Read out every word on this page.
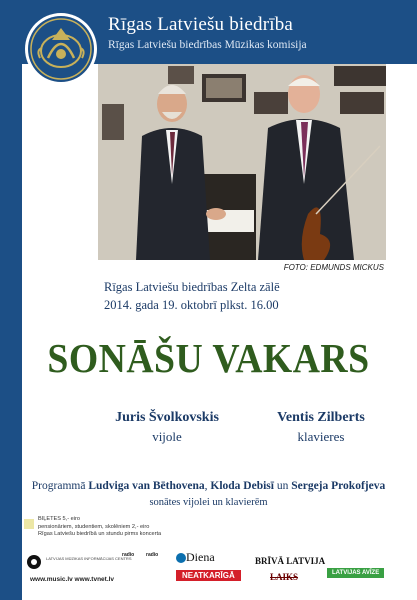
Rīgas Latviešu biedrība
Rīgas Latviešu biedrības Mūzikas komisija
FOTO: EDMUNDS MICKUS
Rīgas Latviešu biedrības Zelta zālē
2014. gada 19. oktobrī plkst. 16.00
SONĀŠU VAKARS
Juris Švolkovskis
vijole
Ventis Zilberts
klavieres
Programmā Ludviga van Bēthovena, Kloda Debisī un Sergeja Prokofjeva
sonātes vijolei un klavierēm
BIĻETES 5,- eiro
pensionāriem, studentiem, skolēniem 2,- eiro
Rīgas Latviešu biedrībā un stundu pirms koncerta
LATVIJAS MŪZIKAS INFORMĀCIJAS CENTRS
www.music.lv www.tvnet.lv
radio radio Diena
NEATKARĪGĀ
BRĪVĀ LATVIJA
LAIKS	LATVIJAS AVĪZE
